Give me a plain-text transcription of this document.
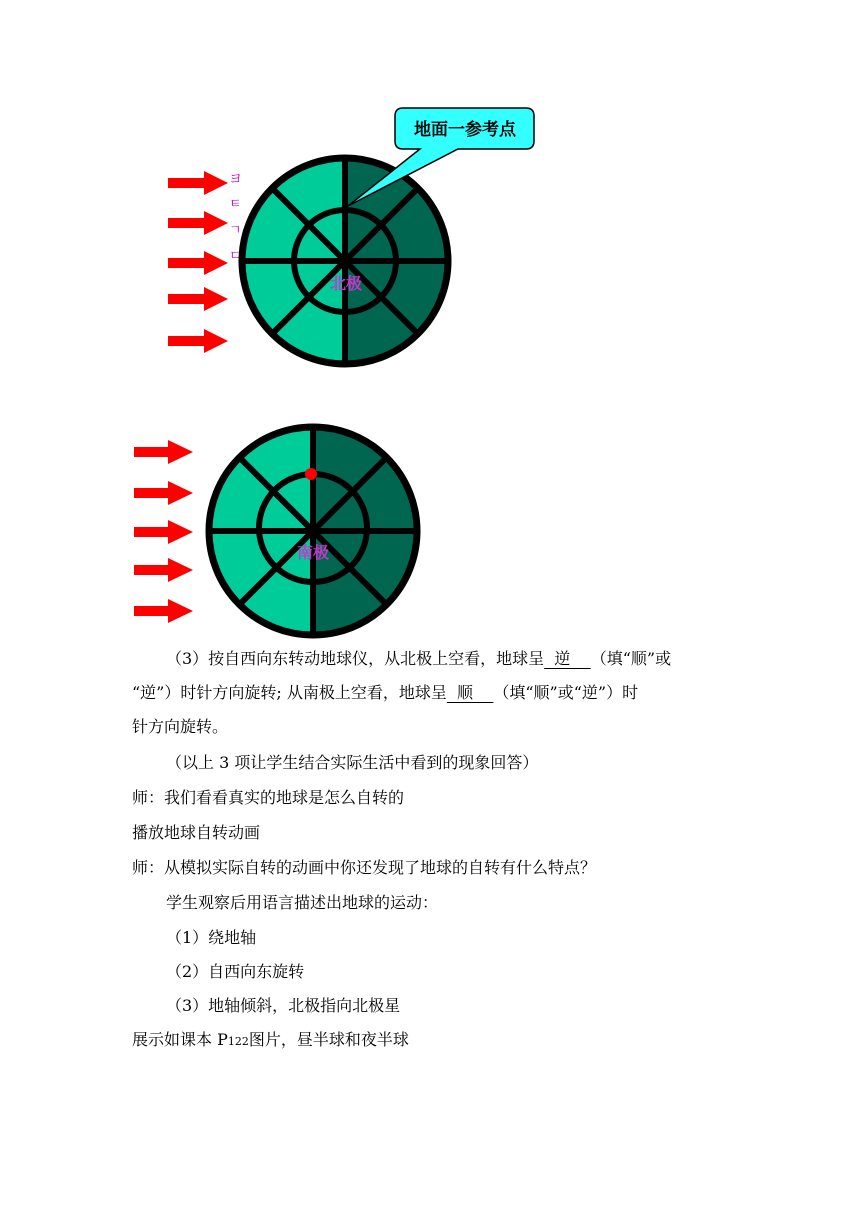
ヨ
ㅌ
ㄱ
ㄷ
北极
地面一参考点
南极
（3）按自西向东转动地球仪，从北极上空看，地球呈  逆    （填“顺”或
“逆”）时针方向旋转; 从南极上空看，地球呈  顺    （填“顺”或“逆”）时
针方向旋转。
（以上 3 项让学生结合实际生活中看到的现象回答）
师：我们看看真实的地球是怎么自转的
播放地球自转动画
师：从模拟实际自转的动画中你还发现了地球的自转有什么特点？
学生观察后用语言描述出地球的运动：
（1）绕地轴
（2）自西向东旋转
（3）地轴倾斜，北极指向北极星
展示如课本 P122图片，昼半球和夜半球
